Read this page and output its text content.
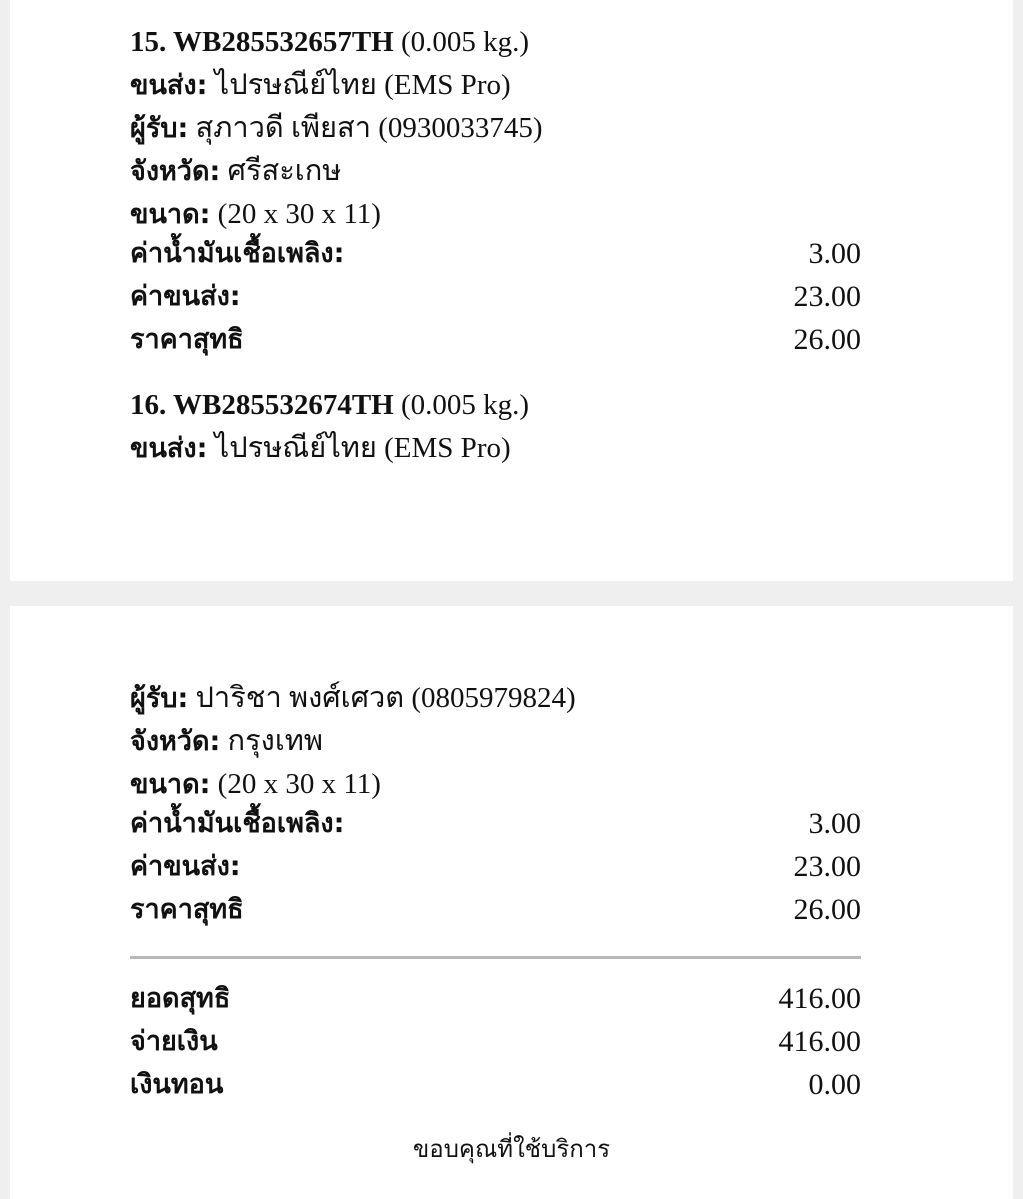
15. WB285532657TH (0.005 kg.)
ขนส่ง: ไปรษณีย์ไทย (EMS Pro)
ผู้รับ: สุภาวดี เพียสา (0930033745)
จังหวัด: ศรีสะเกษ
ขนาด: (20 x 30 x 11)
ค่าน้ำมันเชื้อเพลิง:	3.00
ค่าขนส่ง:	23.00
ราคาสุทธิ	26.00
16. WB285532674TH (0.005 kg.)
ขนส่ง: ไปรษณีย์ไทย (EMS Pro)
ผู้รับ: ปาริชา พงศ์เศวต (0805979824)
จังหวัด: กรุงเทพ
ขนาด: (20 x 30 x 11)
ค่าน้ำมันเชื้อเพลิง:	3.00
ค่าขนส่ง:	23.00
ราคาสุทธิ	26.00
ยอดสุทธิ	416.00
จ่ายเงิน	416.00
เงินทอน	0.00
ขอบคุณที่ใช้บริการ
